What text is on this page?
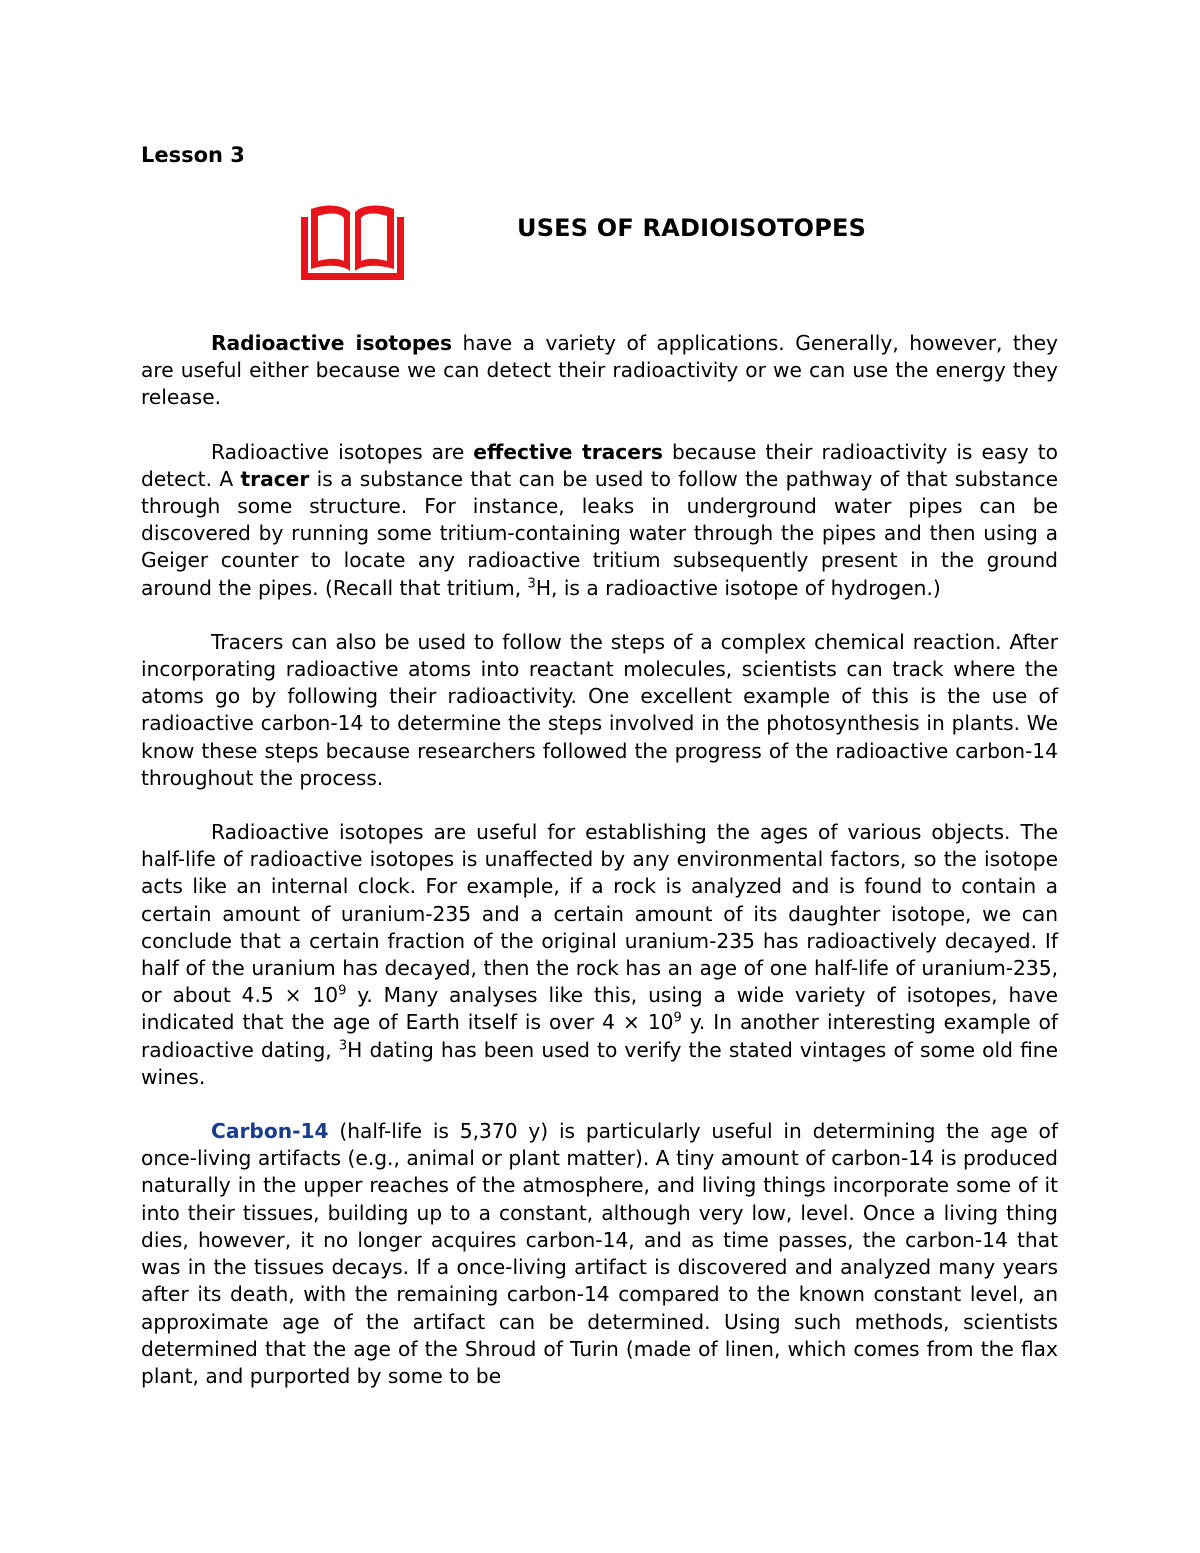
Lesson 3
USES OF RADIOISOTOPES

Radioactive isotopes have a variety of applications. Generally, however, they are useful either because we can detect their radioactivity or we can use the energy they release.

Radioactive isotopes are effective tracers because their radioactivity is easy to detect. A tracer is a substance that can be used to follow the pathway of that substance through some structure. For instance, leaks in underground water pipes can be discovered by running some tritium-containing water through the pipes and then using a Geiger counter to locate any radioactive tritium subsequently present in the ground around the pipes. (Recall that tritium, $^3$H, is a radioactive isotope of hydrogen.)

Tracers can also be used to follow the steps of a complex chemical reaction. After incorporating radioactive atoms into reactant molecules, scientists can track where the atoms go by following their radioactivity. One excellent example of this is the use of radioactive carbon-14 to determine the steps involved in the photosynthesis in plants. We know these steps because researchers followed the progress of the radioactive carbon-14 throughout the process.

Radioactive isotopes are useful for establishing the ages of various objects. The half-life of radioactive isotopes is unaffected by any environmental factors, so the isotope acts like an internal clock. For example, if a rock is analyzed and is found to contain a certain amount of uranium-235 and a certain amount of its daughter isotope, we can conclude that a certain fraction of the original uranium-235 has radioactively decayed. If half of the uranium has decayed, then the rock has an age of one half-life of uranium-235, or about $4.5 \times 10^9$ y. Many analyses like this, using a wide variety of isotopes, have indicated that the age of Earth itself is over $4 \times 10^9$ y. In another interesting example of radioactive dating, $^3$H dating has been used to verify the stated vintages of some old fine wines.

Carbon-14 (half-life is 5,370 y) is particularly useful in determining the age of once-living artifacts (e.g., animal or plant matter). A tiny amount of carbon-14 is produced naturally in the upper reaches of the atmosphere, and living things incorporate some of it into their tissues, building up to a constant, although very low, level. Once a living thing dies, however, it no longer acquires carbon-14, and as time passes, the carbon-14 that was in the tissues decays. If a once-living artifact is discovered and analyzed many years after its death, with the remaining carbon-14 compared to the known constant level, an approximate age of the artifact can be determined. Using such methods, scientists determined that the age of the Shroud of Turin (made of linen, which comes from the flax plant, and purported by some to be
